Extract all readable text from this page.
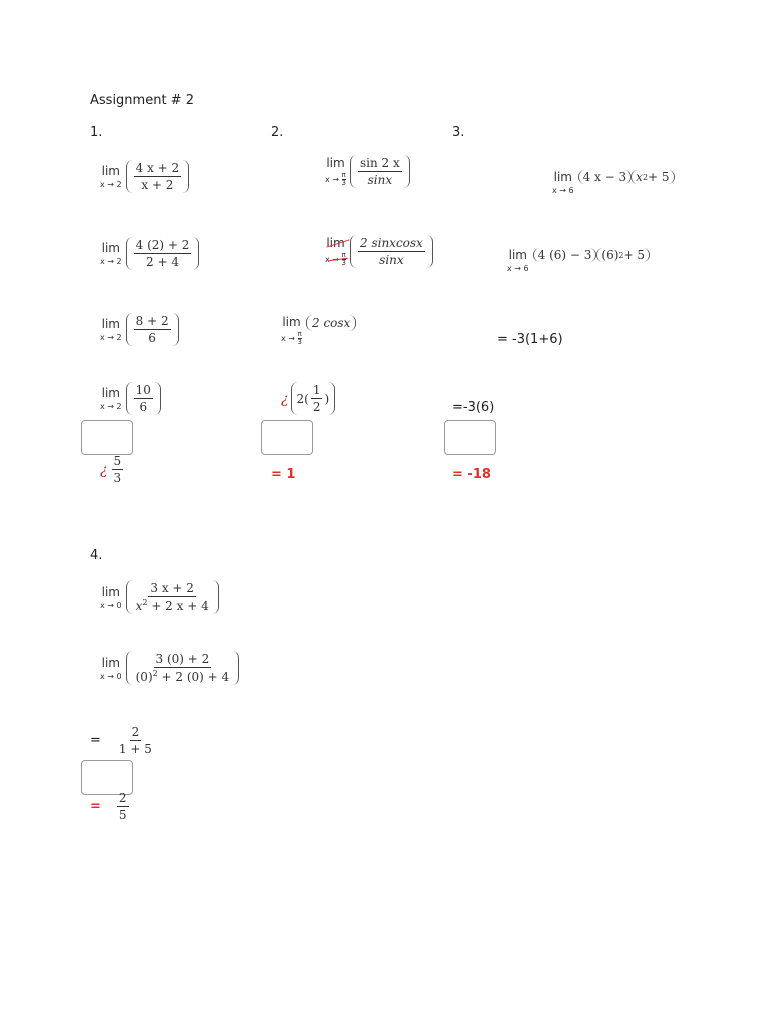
Assignment # 2
1.	2.	3.
lim
$x \to 2 \frac{4 x + 2}{x + 2}$
lim
$x \to 2 \frac{4 (2) + 2}{2 + 4}$
lim
$x \to 2 \frac{8 + 2}{6}$
lim
$x \to 2 \frac{10}{6}$
¿ $\frac{5}{3}$
lim
$x \to \frac{\pi}{3} \frac{\sin 2 x}{\sin x}$
lim
$x \to \frac{\pi}{3} \frac{\text{2 sinxcosx}}{\sin x}$
lim
$x \to \frac{\pi}{3}$
2 cosx
¿ $2( \frac{1}{2}$ )
= 1
lim
x → 6
4 x − 3 x 2 + 5
lim
x → 6
4 (6) − 3 (6) 2 + 5
= -3(1+6)
=-3(6)
= -18
4.
lim
$x \to 0 \frac{3 x + 2}{x^2 + 2 x + 4}$
lim
$x \to 0 \frac{3 (0) + 2}{(0)^2 + 2 (0) + 4}$
= $\frac{2}{1 + 5}$
= $\frac{2}{5}$
